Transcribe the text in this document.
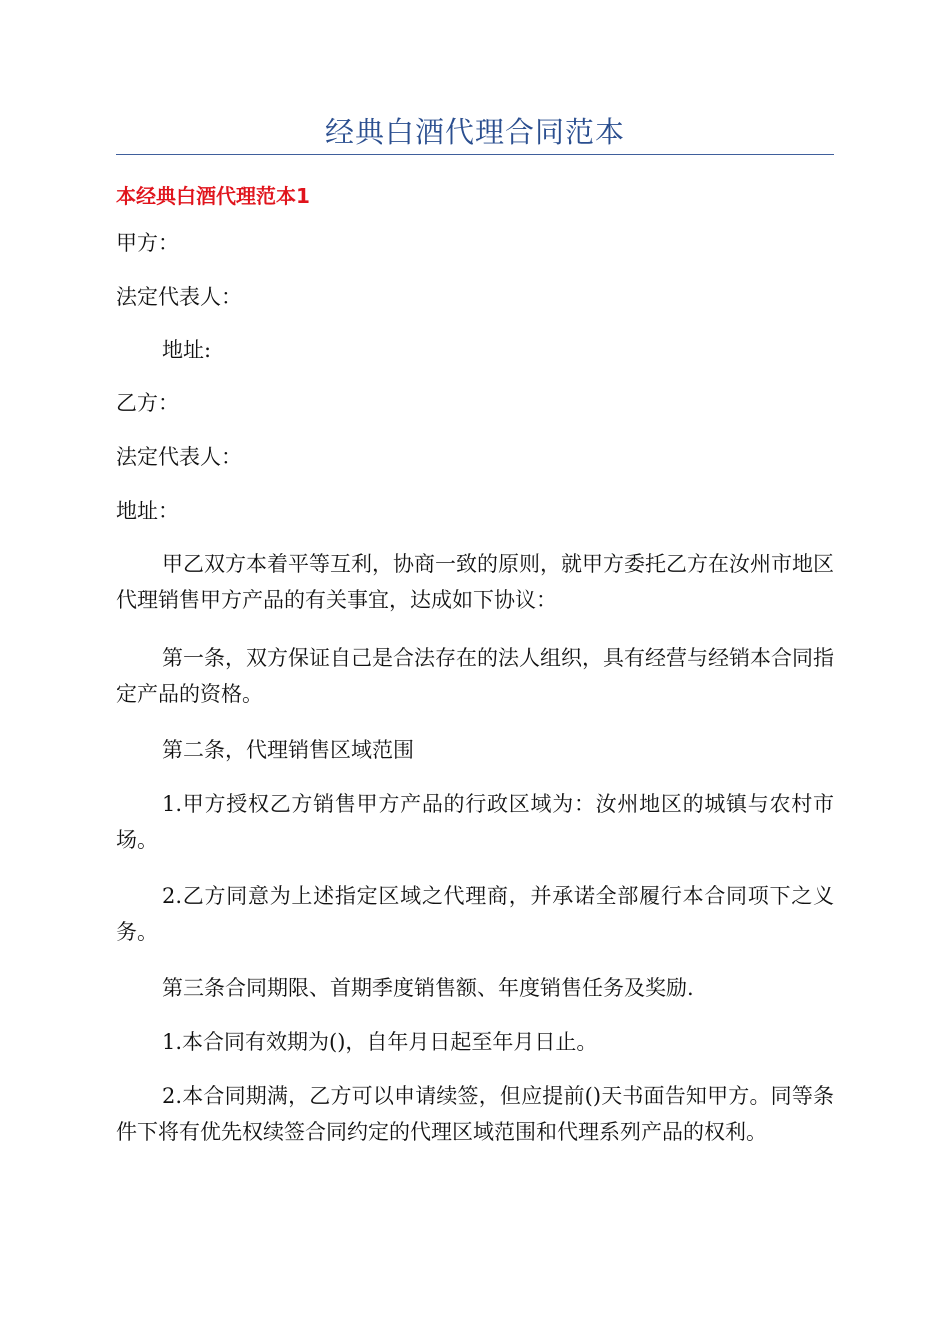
经典白酒代理合同范本
本经典白酒代理范本1

甲方：

法定代表人：

地址:

乙方：

法定代表人：

地址：

甲乙双方本着平等互利，协商一致的原则，就甲方委托乙方在汝州市地区代理销售甲方产品的有关事宜，达成如下协议：

第一条，双方保证自己是合法存在的法人组织，具有经营与经销本合同指定产品的资格。

第二条，代理销售区域范围

1.甲方授权乙方销售甲方产品的行政区域为：汝州地区的城镇与农村市场。

2.乙方同意为上述指定区域之代理商，并承诺全部履行本合同项下之义务。

第三条合同期限、首期季度销售额、年度销售任务及奖励.

1.本合同有效期为()，自年月日起至年月日止。

2.本合同期满，乙方可以申请续签，但应提前()天书面告知甲方。同等条件下将有优先权续签合同约定的代理区域范围和代理系列产品的权利。
